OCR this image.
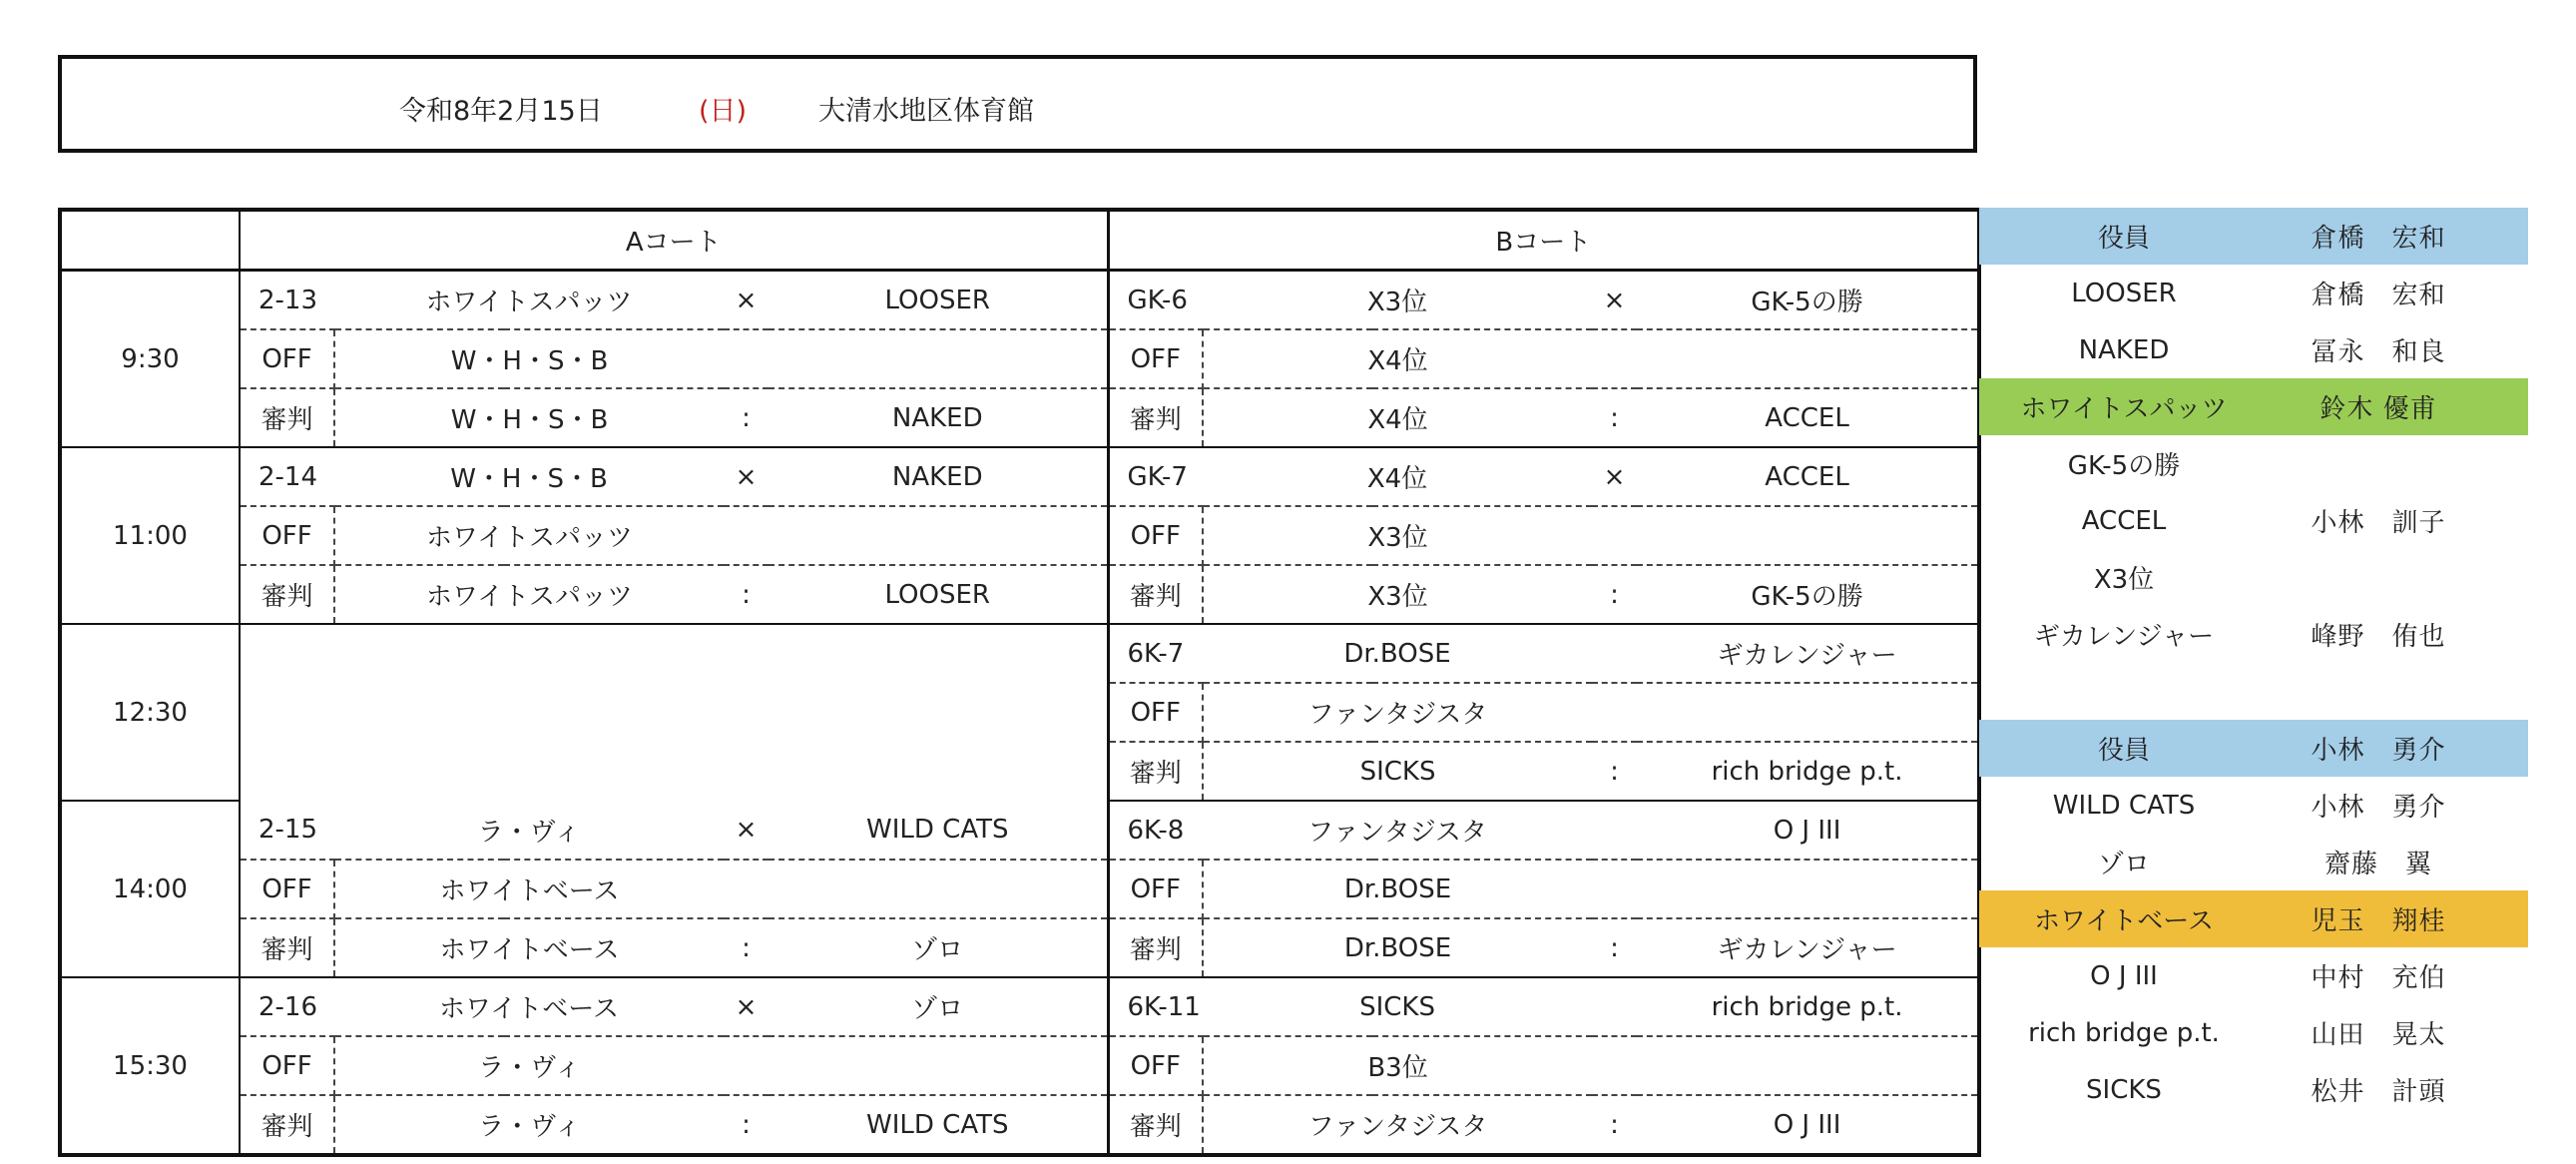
令和8年2月15日	(日)	大清水地区体育館
	Aコート				Bコート			
9:30	2-13	ホワイトスパッツ	×	LOOSER	GK-6	X3位	×	GK-5の勝
	OFF	W・H・S・B			OFF	X4位		
	審判	W・H・S・B	:	NAKED	審判	X4位	:	ACCEL
11:00	2-14	W・H・S・B	×	NAKED	GK-7	X4位	×	ACCEL
	OFF	ホワイトスパッツ			OFF	X3位		
	審判	ホワイトスパッツ	:	LOOSER	審判	X3位	:	GK-5の勝
12:30					6K-7	Dr.BOSE		ギカレンジャー
					OFF	ファンタジスタ		
					審判	SICKS	:	rich bridge p.t.
14:00	2-15	ラ・ヴィ	×	WILD CATS	6K-8	ファンタジスタ		O J III
	OFF	ホワイトベース			OFF	Dr.BOSE		
	審判	ホワイトベース	:	ゾロ	審判	Dr.BOSE	:	ギカレンジャー
15:30	2-16	ホワイトベース	×	ゾロ	6K-11	SICKS		rich bridge p.t.
	OFF	ラ・ヴィ			OFF	B3位		
	審判	ラ・ヴィ	:	WILD CATS	審判	ファンタジスタ	:	O J III
役員	倉橋　宏和
LOOSER	倉橋　宏和
NAKED	冨永　和良
ホワイトスパッツ	鈴木 優甫
GK-5の勝
ACCEL	小林　訓子
X3位
ギカレンジャー	峰野　侑也
役員	小林　勇介
WILD CATS	小林　勇介
ゾロ	齋藤　翼
ホワイトベース	児玉　翔桂
O J III	中村　充伯
rich bridge p.t.	山田　晃太
SICKS	松井　計頭
